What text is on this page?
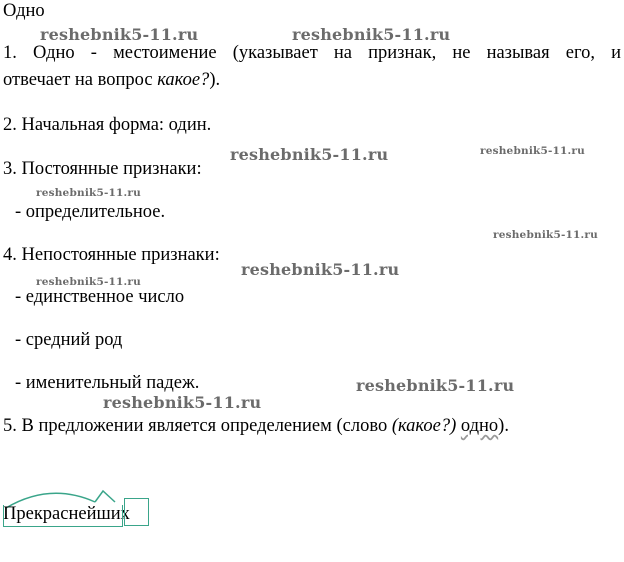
Одно
1. Одно - местоимение (указывает на признак, не называя его, и
отвечает на вопрос какое?).
2. Начальная форма: один.
3. Постоянные признаки:
- определительное.
4. Непостоянные признаки:
- единственное число
- средний род
- именительный падеж.
5. В предложении является определением (слово (какое?) одно).
Прекраснейших
reshebnik5-11.ru	reshebnik5-11.ru
reshebnik5-11.ru	reshebnik5-11.ru
reshebnik5-11.ru
reshebnik5-11.ru
reshebnik5-11.ru
reshebnik5-11.ru
reshebnik5-11.ru
reshebnik5-11.ru
